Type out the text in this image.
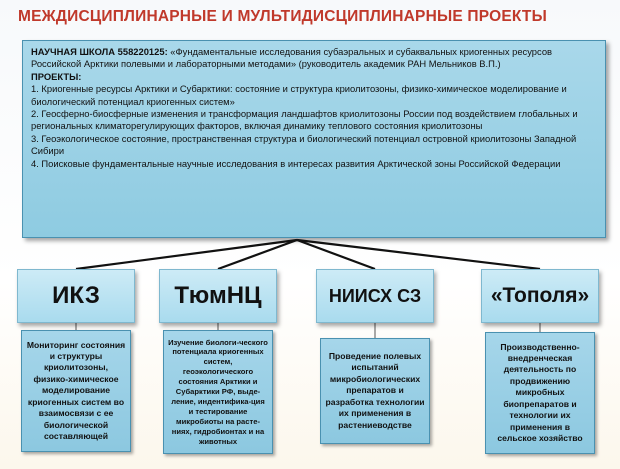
МЕЖДИСЦИПЛИНАРНЫЕ И МУЛЬТИДИСЦИПЛИНАРНЫЕ ПРОЕКТЫ

НАУЧНАЯ ШКОЛА 558220125: «Фундаментальные исследования субаэральных и субаквальных криогенных ресурсов Российской Арктики полевыми и лабораторными методами» (руководитель академик РАН Мельников В.П.)

ПРОЕКТЫ:

1. Криогенные ресурсы Арктики и Субарктики: состояние и структура криолитозоны, физико-химическое моделирование и биологический потенциал криогенных систем»

2. Геосферно-биосферные изменения и трансформация ландшафтов криолитозоны России под воздействием глобальных и региональных климаторегулирующих факторов, включая динамику теплового состояния криолитозоны

3. Геоэкологическое состояние, пространственная структура и биологический потенциал островной криолитозоны Западной Сибири

4. Поисковые фундаментальные научные исследования в интересах развития Арктической зоны Российской Федерации

ИКЗ	ТюмНЦ	НИИСХ СЗ	«Тополя»
Мониторинг состояния и структуры криолитозоны, физико-химическое моделирование криогенных систем во взаимосвязи с ее биологической составляющей
Изучение биологи-ческого потенциала криогенных систем, геоэкологического состояния Арктики и Субарктики РФ, выде-ление, индентифика-ция и тестирование микробиоты на расте-ниях, гидробионтах и на животных
Проведение полевых испытаний микробиологических препаратов и разработка технологии их применения в растениеводстве
Производственно-внедренческая деятельность по продвижению микробных биопрепаратов и технологии их применения в сельское хозяйство
